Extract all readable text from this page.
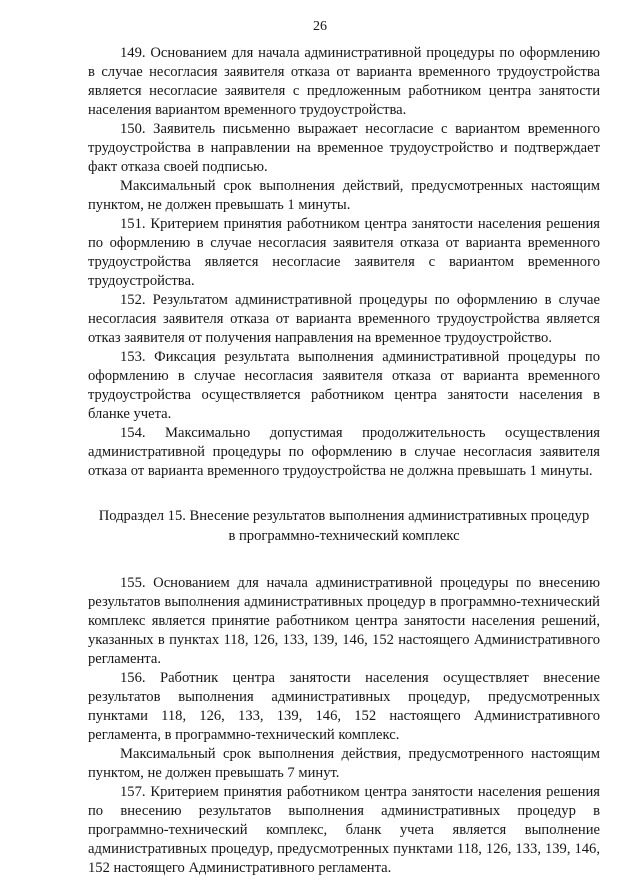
26

149. Основанием для начала административной процедуры по оформлению в случае несогласия заявителя отказа от варианта временного трудоустройства является несогласие заявителя с предложенным работником центра занятости населения вариантом временного трудоустройства.

150. Заявитель письменно выражает несогласие с вариантом временного трудоустройства в направлении на временное трудоустройство и подтверждает факт отказа своей подписью.

Максимальный срок выполнения действий, предусмотренных настоящим пунктом, не должен превышать 1 минуты.

151. Критерием принятия работником центра занятости населения решения по оформлению в случае несогласия заявителя отказа от варианта временного трудоустройства является несогласие заявителя с вариантом временного трудоустройства.

152. Результатом административной процедуры по оформлению в случае несогласия заявителя отказа от варианта временного трудоустройства является отказ заявителя от получения направления на временное трудоустройство.

153. Фиксация результата выполнения административной процедуры по оформлению в случае несогласия заявителя отказа от варианта временного трудоустройства осуществляется работником центра занятости населения в бланке учета.

154. Максимально допустимая продолжительность осуществления административной процедуры по оформлению в случае несогласия заявителя отказа от варианта временного трудоустройства не должна превышать 1 минуты.

Подраздел 15. Внесение результатов выполнения административных процедур
в программно-технический комплекс

155. Основанием для начала административной процедуры по внесению результатов выполнения административных процедур в программно-технический комплекс является принятие работником центра занятости населения решений, указанных в пунктах 118, 126, 133, 139, 146, 152 настоящего Административного регламента.

156. Работник центра занятости населения осуществляет внесение результатов выполнения административных процедур, предусмотренных пунктами 118, 126, 133, 139, 146, 152 настоящего Административного регламента, в программно-технический комплекс.

Максимальный срок выполнения действия, предусмотренного настоящим пунктом, не должен превышать 7 минут.

157. Критерием принятия работником центра занятости населения решения по внесению результатов выполнения административных процедур в программно-технический комплекс, бланк учета является выполнение административных процедур, предусмотренных пунктами 118, 126, 133, 139, 146, 152 настоящего Административного регламента.
